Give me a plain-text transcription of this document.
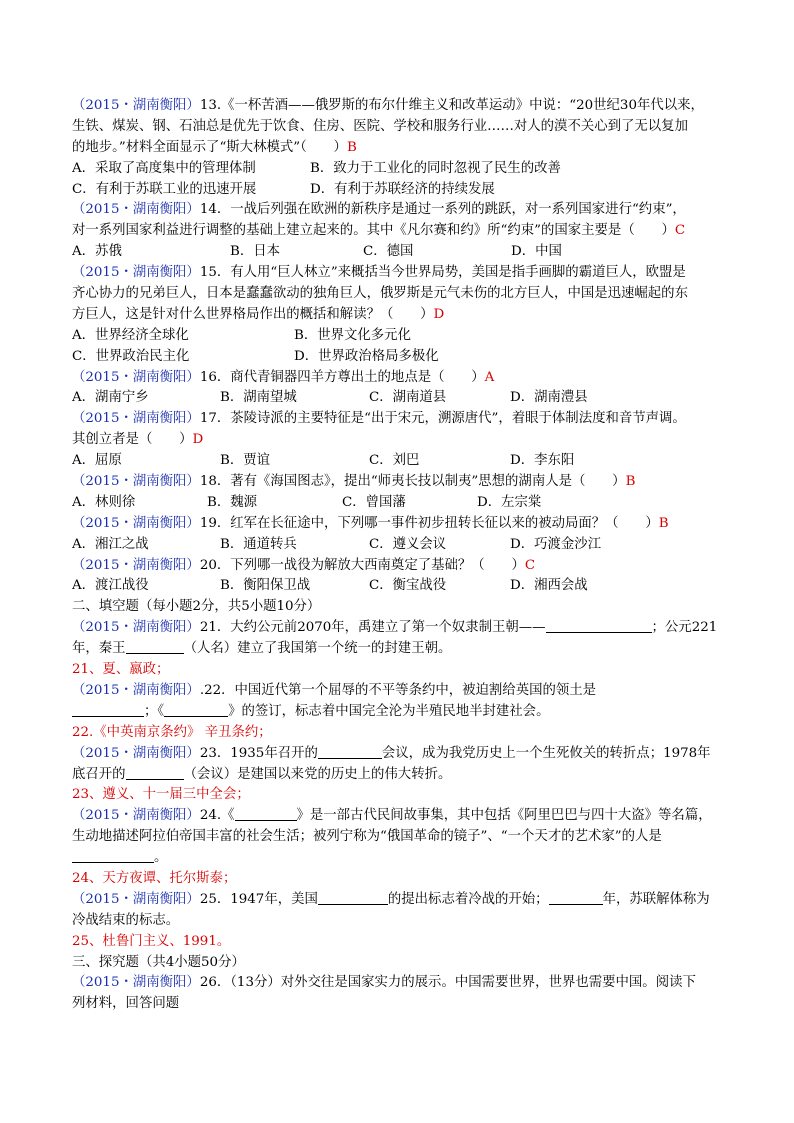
（2015・湖南衡阳）13.《一杯苦酒——俄罗斯的布尔什维主义和改革运动》中说：“20世纪30年代以来，
生铁、煤炭、钢、石油总是优先于饮食、住房、医院、学校和服务行业……对人的漠不关心到了无以复加
的地步。”材料全面显示了“斯大林模式”（　　）B
A．采取了高度集中的管理体制	B．致力于工业化的同时忽视了民生的改善
C．有利于苏联工业的迅速开展	D．有利于苏联经济的持续发展
（2015・湖南衡阳）14．一战后列强在欧洲的新秩序是通过一系列的跳跃，对一系列国家进行“约束”，
对一系列国家利益进行调整的基础上建立起来的。其中《凡尔赛和约》所“约束”的国家主要是（　　）C
A．苏俄	B．日本	C．德国	D．中国
（2015・湖南衡阳）15．有人用“巨人林立”来概括当今世界局势，美国是指手画脚的霸道巨人，欧盟是
齐心协力的兄弟巨人，日本是蠢蠢欲动的独角巨人，俄罗斯是元气未伤的北方巨人，中国是迅速崛起的东
方巨人，这是针对什么世界格局作出的概括和解读？（　　）D
A．世界经济全球化	B．世界文化多元化
C．世界政治民主化	D．世界政治格局多极化
（2015・湖南衡阳）16．商代青铜器四羊方尊出土的地点是（　　）A
A．湖南宁乡	B．湖南望城	C．湖南道县	D．湖南澧县
（2015・湖南衡阳）17．茶陵诗派的主要特征是“出于宋元，溯源唐代”，着眼于体制法度和音节声调。
其创立者是（　　）D
A．屈原	B．贾谊	C．刘巴	D．李东阳
（2015・湖南衡阳）18．著有《海国图志》，提出“师夷长技以制夷”思想的湖南人是（　　）B
A．林则徐	B．魏源	C．曾国藩	D．左宗棠
（2015・湖南衡阳）19．红军在长征途中，下列哪一事件初步扭转长征以来的被动局面？（　　）B
A．湘江之战	B．通道转兵	C．遵义会议	D．巧渡金沙江
（2015・湖南衡阳）20．下列哪一战役为解放大西南奠定了基础？（　　）C
A．渡江战役	B．衡阳保卫战	C．衡宝战役	D．湘西会战
二、填空题（每小题2分，共5小题10分）
（2015・湖南衡阳）21．大约公元前2070年，禹建立了第一个奴隶制王朝——	；公元221
年，秦王	（人名）建立了我国第一个统一的封建王朝。
21、夏、嬴政；
（2015・湖南衡阳）.22．中国近代第一个屈辱的不平等条约中，被迫割给英国的领土是
；《	》的签订，标志着中国完全沦为半殖民地半封建社会。
22.《中英南京条约》 辛丑条约；
（2015・湖南衡阳）23．1935年召开的	会议，成为我党历史上一个生死攸关的转折点；1978年
底召开的	（会议）是建国以来党的历史上的伟大转折。
23、遵义、十一届三中全会；
（2015・湖南衡阳）24.《	》是一部古代民间故事集，其中包括《阿里巴巴与四十大盗》等名篇，
生动地描述阿拉伯帝国丰富的社会生活；被列宁称为“俄国革命的镜子”、“一个天才的艺术家”的人是
。
24、天方夜谭、托尔斯泰；
（2015・湖南衡阳）25．1947年，美国	的提出标志着冷战的开始；	年，苏联解体称为
冷战结束的标志。
25、杜鲁门主义、1991。
三、探究题（共4小题50分）
（2015・湖南衡阳）26．（13分）对外交往是国家实力的展示。中国需要世界，世界也需要中国。阅读下
列材料，回答问题
